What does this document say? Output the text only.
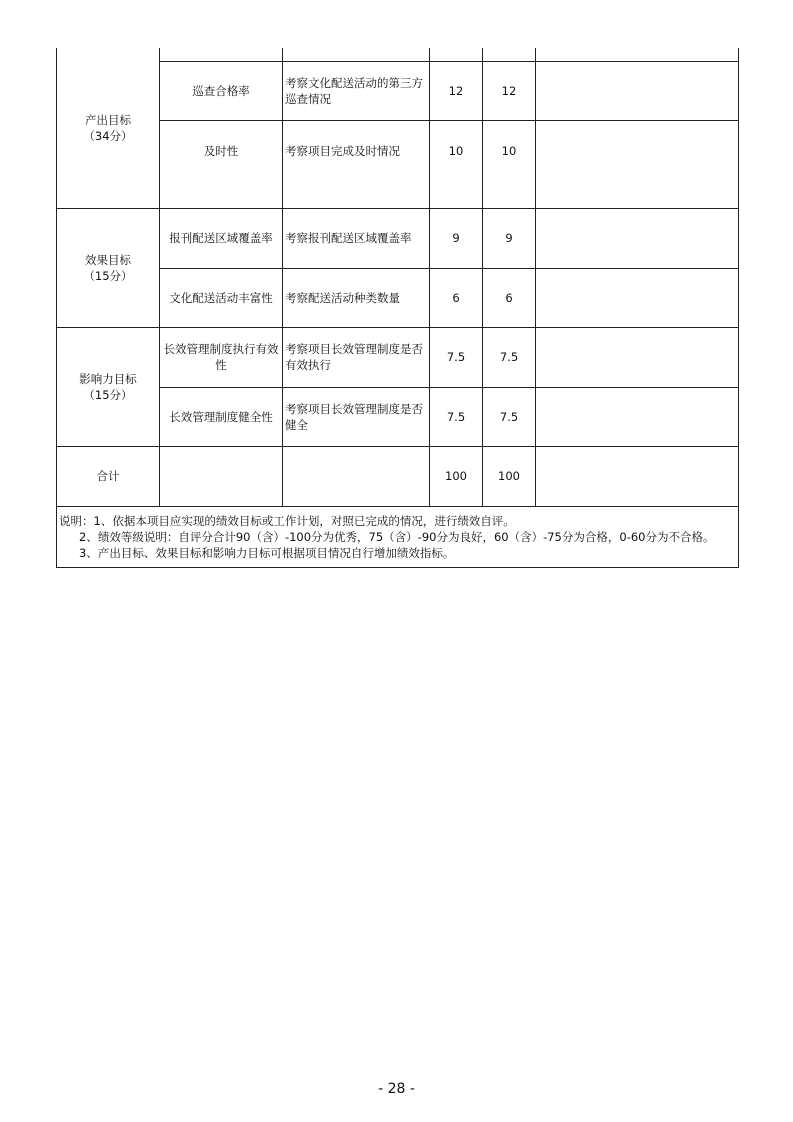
产出目标
（34分）					

	巡查合格率	考察文化配送活动的第三方巡查情况	12	12	
	及时性	考察项目完成及时情况	10	10	

效果目标
（15分）	报刊配送区域覆盖率	考察报刊配送区域覆盖率	9	9	
	文化配送活动丰富性	考察配送活动种类数量	6	6	

影响力目标
（15分）	长效管理制度执行有效性	考察项目长效管理制度是否有效执行	7.5	7.5	
	长效管理制度健全性	考察项目长效管理制度是否健全	7.5	7.5	
合计			100	100	

说明：1、依据本项目应实现的绩效目标或工作计划，对照已完成的情况，进行绩效自评。
2、绩效等级说明：自评分合计90（含）-100分为优秀，75（含）-90分为良好，60（含）-75分为合格，0-60分为不合格。
3、产出目标、效果目标和影响力目标可根据项目情况自行增加绩效指标。					
- 28 -
